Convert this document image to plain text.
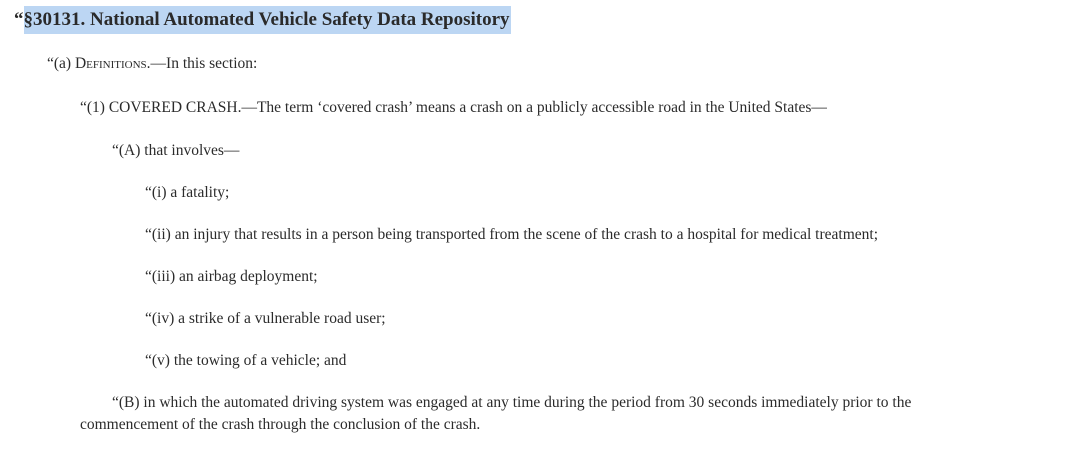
“§30131. National Automated Vehicle Safety Data Repository
“(a) Definitions.—In this section:
“(1) COVERED CRASH.—The term ‘covered crash’ means a crash on a publicly accessible road in the United States—
“(A) that involves—
“(i) a fatality;
“(ii) an injury that results in a person being transported from the scene of the crash to a hospital for medical treatment;
“(iii) an airbag deployment;
“(iv) a strike of a vulnerable road user;
“(v) the towing of a vehicle; and
“(B) in which the automated driving system was engaged at any time during the period from 30 seconds immediately prior to the
commencement of the crash through the conclusion of the crash.
